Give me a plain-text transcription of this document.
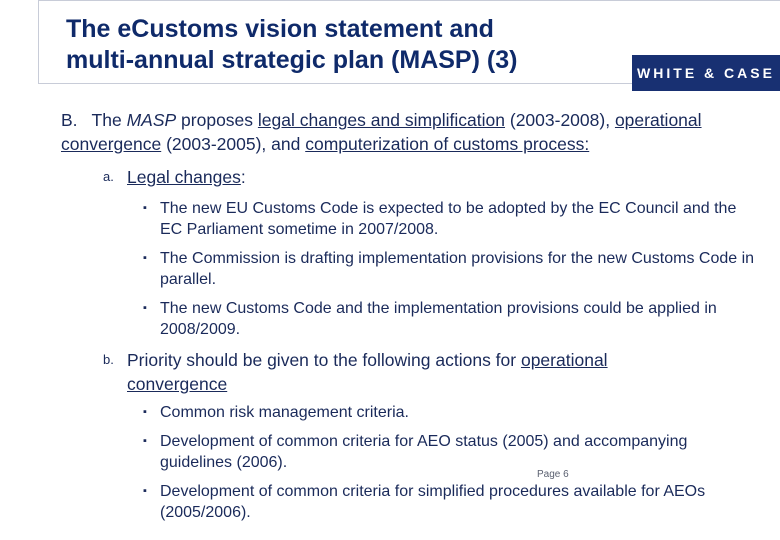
The eCustoms vision statement and
multi-annual strategic plan (MASP) (3)	WHITE & CASE

B. The MASP proposes legal changes and simplification (2003-2008), operational convergence (2003-2005), and computerization of customs process:

a. Legal changes:
▪ The new EU Customs Code is expected to be adopted by the EC Council and the EC Parliament sometime in 2007/2008.
▪ The Commission is drafting implementation provisions for the new Customs Code in parallel.
▪ The new Customs Code and the implementation provisions could be applied in 2008/2009.
b. Priority should be given to the following actions for operational convergence
▪ Common risk management criteria.
▪ Development of common criteria for AEO status (2005) and accompanying guidelines (2006).
▪ Development of common criteria for simplified procedures available for AEOs (2005/2006).
Page 6
